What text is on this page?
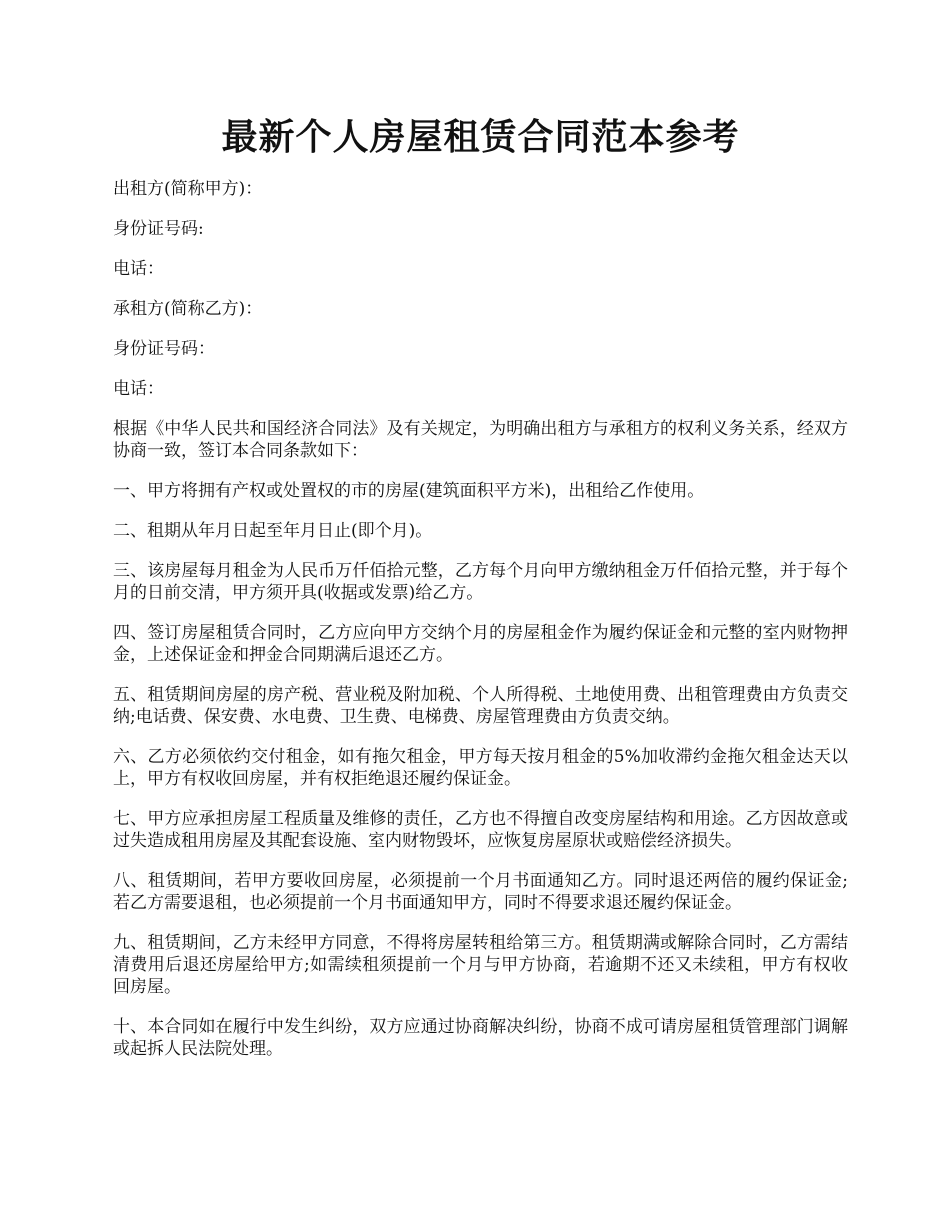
最新个人房屋租赁合同范本参考

出租方(简称甲方)：

身份证号码:

电话：

承租方(简称乙方)：

身份证号码：

电话：

根据《中华人民共和国经济合同法》及有关规定，为明确出租方与承租方的权利义务关系，经双方协商一致，签订本合同条款如下：

一、甲方将拥有产权或处置权的市的房屋(建筑面积平方米)，出租给乙作使用。

二、租期从年月日起至年月日止(即个月)。

三、该房屋每月租金为人民币万仟佰拾元整，乙方每个月向甲方缴纳租金万仟佰拾元整，并于每个月的日前交清，甲方须开具(收据或发票)给乙方。

四、签订房屋租赁合同时，乙方应向甲方交纳个月的房屋租金作为履约保证金和元整的室内财物押金，上述保证金和押金合同期满后退还乙方。

五、租赁期间房屋的房产税、营业税及附加税、个人所得税、土地使用费、出租管理费由方负责交纳;电话费、保安费、水电费、卫生费、电梯费、房屋管理费由方负责交纳。

六、乙方必须依约交付租金，如有拖欠租金，甲方每天按月租金的5%加收滞约金拖欠租金达天以上，甲方有权收回房屋，并有权拒绝退还履约保证金。

七、甲方应承担房屋工程质量及维修的责任，乙方也不得擅自改变房屋结构和用途。乙方因故意或过失造成租用房屋及其配套设施、室内财物毁坏，应恢复房屋原状或赔偿经济损失。

八、租赁期间，若甲方要收回房屋，必须提前一个月书面通知乙方。同时退还两倍的履约保证金;若乙方需要退租，也必须提前一个月书面通知甲方，同时不得要求退还履约保证金。

九、租赁期间，乙方未经甲方同意，不得将房屋转租给第三方。租赁期满或解除合同时，乙方需结清费用后退还房屋给甲方;如需续租须提前一个月与甲方协商，若逾期不还又未续租，甲方有权收回房屋。

十、本合同如在履行中发生纠纷，双方应通过协商解决纠纷，协商不成可请房屋租赁管理部门调解或起拆人民法院处理。
